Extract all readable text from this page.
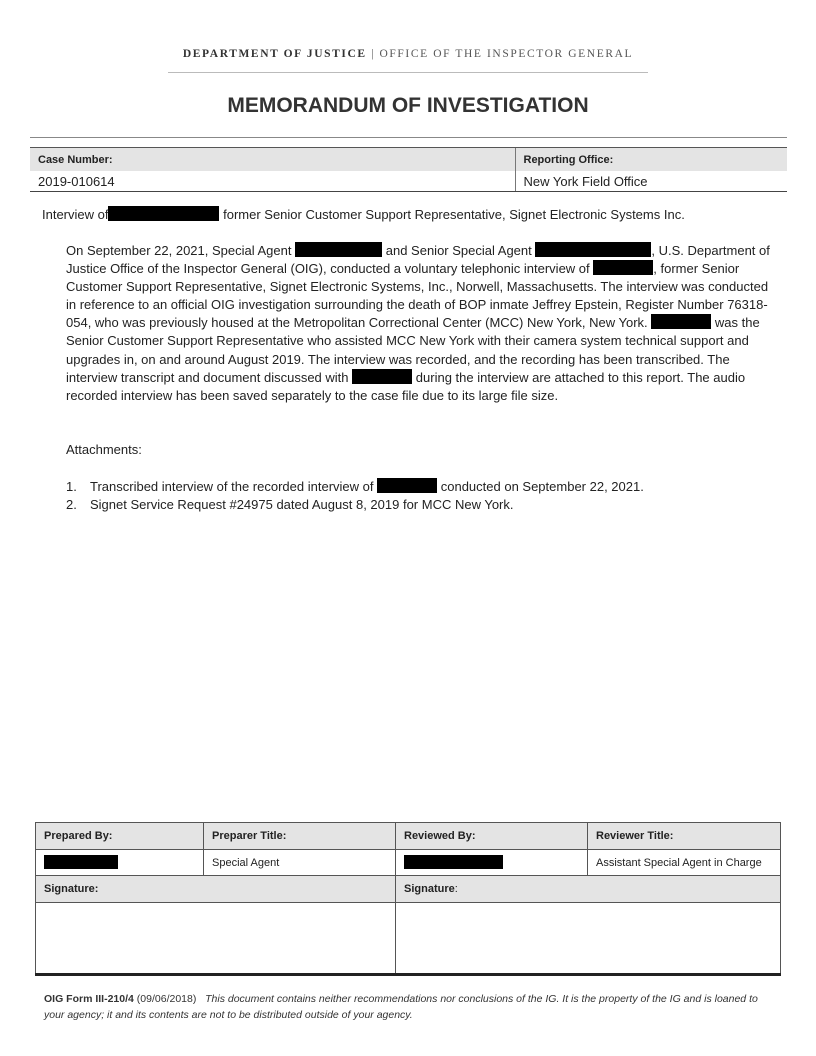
DEPARTMENT OF JUSTICE | OFFICE OF THE INSPECTOR GENERAL
MEMORANDUM OF INVESTIGATION
Case Number:	Reporting Office:
2019-010614	New York Field Office
Interview of	former Senior Customer Support Representative, Signet Electronic Systems Inc.
On September 22, 2021, Special Agent	and Senior Special Agent	, U.S. Department of Justice Office of the Inspector General (OIG), conducted a voluntary telephonic interview of	, former Senior Customer Support Representative, Signet Electronic Systems, Inc., Norwell, Massachusetts. The interview was conducted in reference to an official OIG investigation surrounding the death of BOP inmate Jeffrey Epstein, Register Number 76318-054, who was previously housed at the Metropolitan Correctional Center (MCC) New York, New York.	was the Senior Customer Support Representative who assisted MCC New York with their camera system technical support and upgrades in, on and around August 2019. The interview was recorded, and the recording has been transcribed. The interview transcript and document discussed with	during the interview are attached to this report. The audio recorded interview has been saved separately to the case file due to its large file size.
Attachments:
1. Transcribed interview of the recorded interview of	conducted on September 22, 2021.
2. Signet Service Request #24975 dated August 8, 2019 for MCC New York.
Prepared By:	Preparer Title:	Reviewed By:	Reviewer Title:
	Special Agent		Assistant Special Agent in Charge
Signature:		Signature:	

OIG Form III-210/4 (09/06/2018) This document contains neither recommendations nor conclusions of the IG. It is the property of the IG and is loaned to your agency; it and its contents are not to be distributed outside of your agency.
